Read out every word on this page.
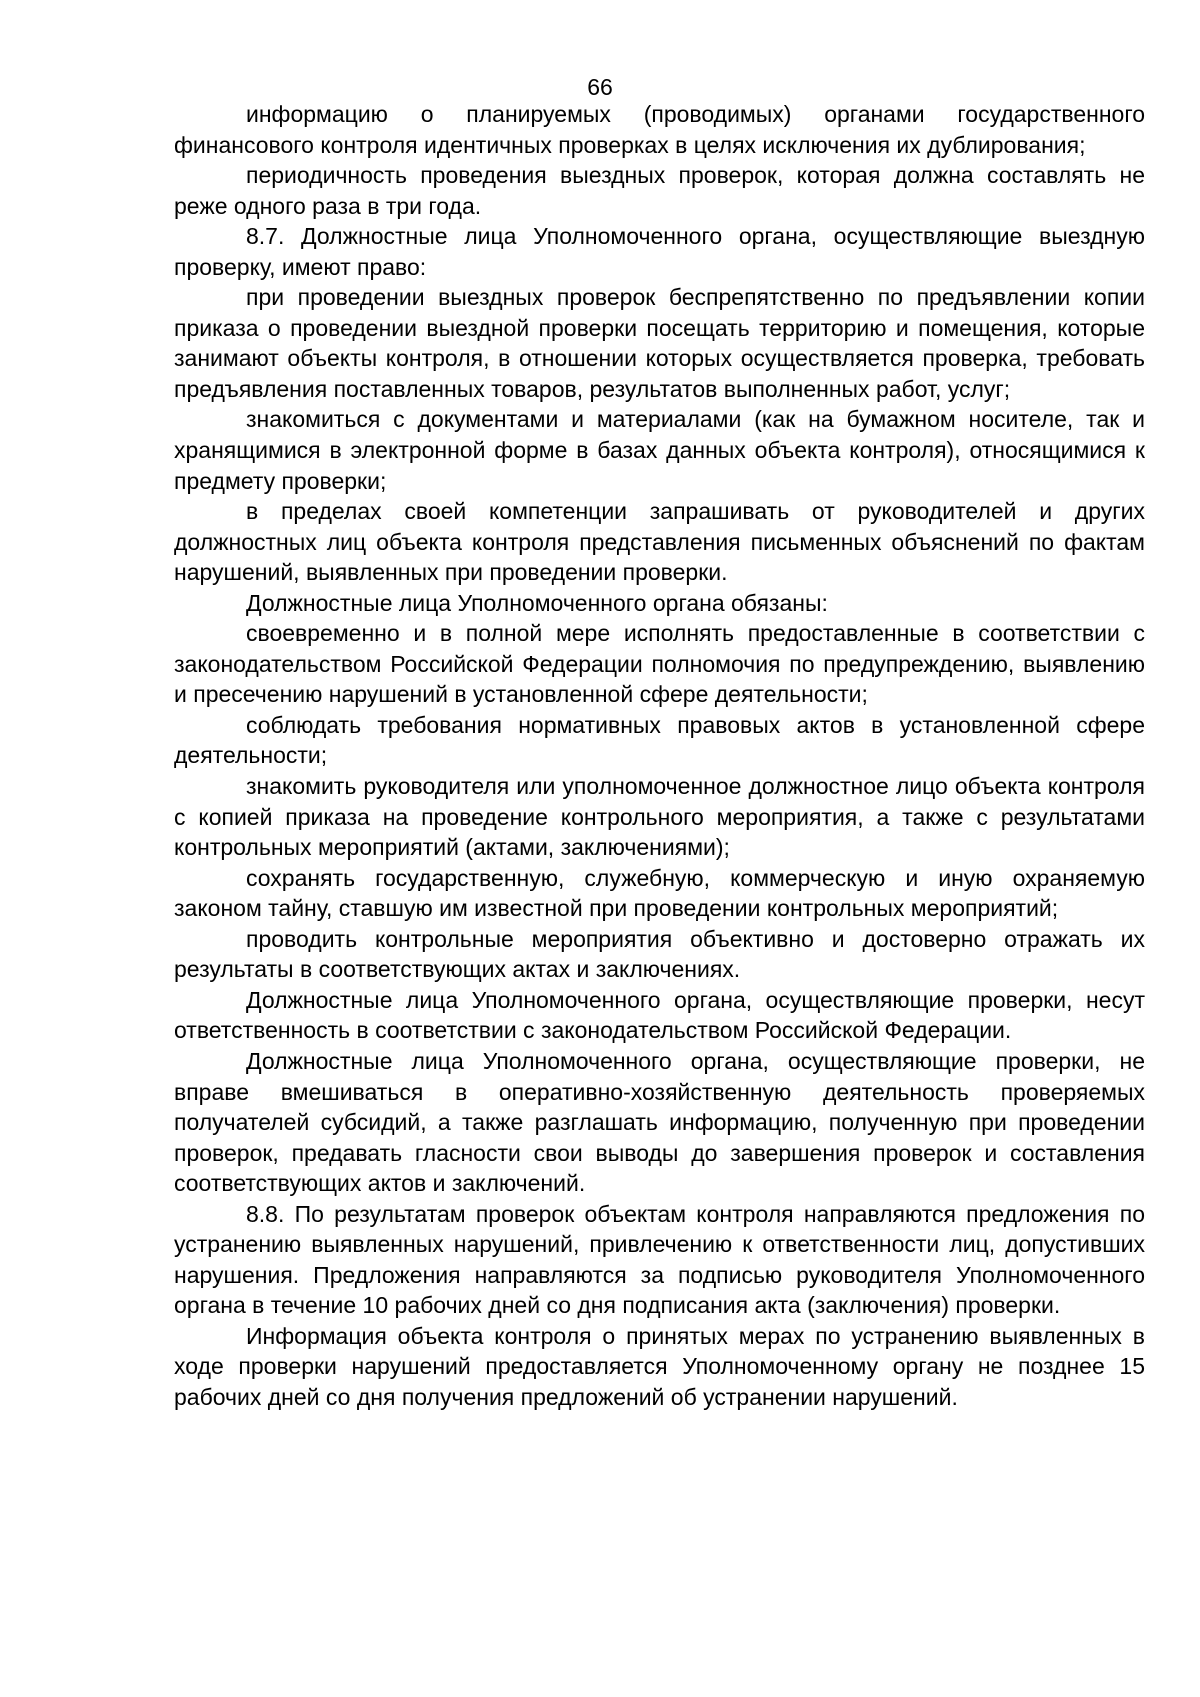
66

информацию о планируемых (проводимых) органами государственного финансового контроля идентичных проверках в целях исключения их дублирования;

периодичность проведения выездных проверок, которая должна составлять не реже одного раза в три года.

8.7. Должностные лица Уполномоченного органа, осуществляющие выездную проверку, имеют право:

при проведении выездных проверок беспрепятственно по предъявлении копии приказа о проведении выездной проверки посещать территорию и помещения, которые занимают объекты контроля, в отношении которых осуществляется проверка, требовать предъявления поставленных товаров, результатов выполненных работ, услуг;

знакомиться с документами и материалами (как на бумажном носителе, так и хранящимися в электронной форме в базах данных объекта контроля), относящимися к предмету проверки;

в пределах своей компетенции запрашивать от руководителей и других должностных лиц объекта контроля представления письменных объяснений по фактам нарушений, выявленных при проведении проверки.

Должностные лица Уполномоченного органа обязаны:

своевременно и в полной мере исполнять предоставленные в соответствии с законодательством Российской Федерации полномочия по предупреждению, выявлению и пресечению нарушений в установленной сфере деятельности;

соблюдать требования нормативных правовых актов в установленной сфере деятельности;

знакомить руководителя или уполномоченное должностное лицо объекта контроля с копией приказа на проведение контрольного мероприятия, а также с результатами контрольных мероприятий (актами, заключениями);

сохранять государственную, служебную, коммерческую и иную охраняемую законом тайну, ставшую им известной при проведении контрольных мероприятий;

проводить контрольные мероприятия объективно и достоверно отражать их результаты в соответствующих актах и заключениях.

Должностные лица Уполномоченного органа, осуществляющие проверки, несут ответственность в соответствии с законодательством Российской Федерации.

Должностные лица Уполномоченного органа, осуществляющие проверки, не вправе вмешиваться в оперативно-хозяйственную деятельность проверяемых получателей субсидий, а также разглашать информацию, полученную при проведении проверок, предавать гласности свои выводы до завершения проверок и составления соответствующих актов и заключений.

8.8. По результатам проверок объектам контроля направляются предложения по устранению выявленных нарушений, привлечению к ответственности лиц, допустивших нарушения. Предложения направляются за подписью руководителя Уполномоченного органа в течение 10 рабочих дней со дня подписания акта (заключения) проверки.

Информация объекта контроля о принятых мерах по устранению выявленных в ходе проверки нарушений предоставляется Уполномоченному органу не позднее 15 рабочих дней со дня получения предложений об устранении нарушений.
